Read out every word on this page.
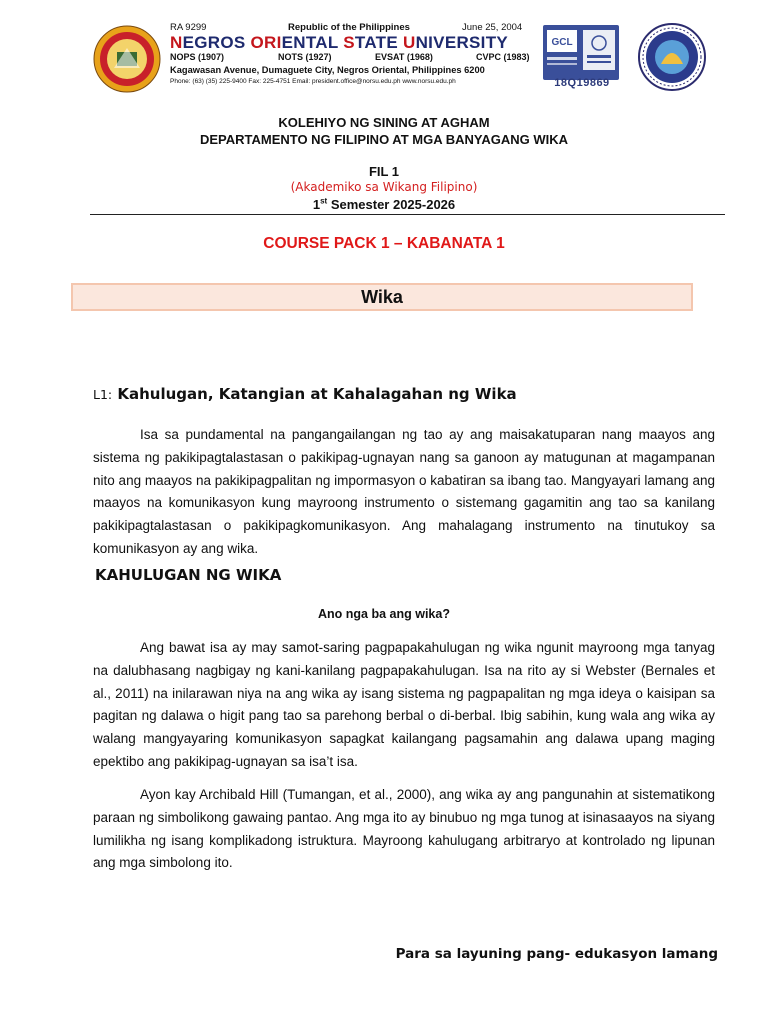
RA 9299	Republic of the Philippines	June 25, 2004
NEGROS ORIENTAL STATE UNIVERSITY
NOPS (1907)	NOTS (1927)	EVSAT (1968)	CVPC (1983)
Kagawasan Avenue, Dumaguete City, Negros Oriental, Philippines 6200
Phone: (63) (35) 225-9400 Fax: 225-4751 Email: president.office@norsu.edu.ph www.norsu.edu.ph
GCL
18Q19869
KOLEHIYO NG SINING AT AGHAM
DEPARTAMENTO NG FILIPINO AT MGA BANYAGANG WIKA
FIL 1
(Akademiko sa Wikang Filipino)
1st Semester 2025-2026
COURSE PACK 1 – KABANATA 1
Wika
L1: Kahulugan, Katangian at Kahalagahan ng Wika

Isa sa pundamental na pangangailangan ng tao ay ang maisakatuparan nang maayos ang sistema ng pakikipagtalastasan o pakikipag-ugnayan nang sa ganoon ay matugunan at magampanan nito ang maayos na pakikipagpalitan ng impormasyon o kabatiran sa ibang tao. Mangyayari lamang ang maayos na komunikasyon kung mayroong instrumento o sistemang gagamitin ang tao sa kanilang pakikipagtalastasan o pakikipagkomunikasyon. Ang mahalagang instrumento na tinutukoy sa komunikasyon ay ang wika.

KAHULUGAN NG WIKA
Ano nga ba ang wika?

Ang bawat isa ay may samot-saring pagpapakahulugan ng wika ngunit mayroong mga tanyag na dalubhasang nagbigay ng kani-kanilang pagpapakahulugan. Isa na rito ay si Webster (Bernales et al., 2011) na inilarawan niya na ang wika ay isang sistema ng pagpapalitan ng mga ideya o kaisipan sa pagitan ng dalawa o higit pang tao sa parehong berbal o di-berbal. Ibig sabihin, kung wala ang wika ay walang mangyayaring komunikasyon sapagkat kailangang pagsamahin ang dalawa upang maging epektibo ang pakikipag-ugnayan sa isa’t isa.

Ayon kay Archibald Hill (Tumangan, et al., 2000), ang wika ay ang pangunahin at sistematikong paraan ng simbolikong gawaing pantao. Ang mga ito ay binubuo ng mga tunog at isinasaayos na siyang lumilikha ng isang komplikadong istruktura. Mayroong kahulugang arbitraryo at kontrolado ng lipunan ang mga simbolong ito.

Para sa layuning pang- edukasyon lamang
